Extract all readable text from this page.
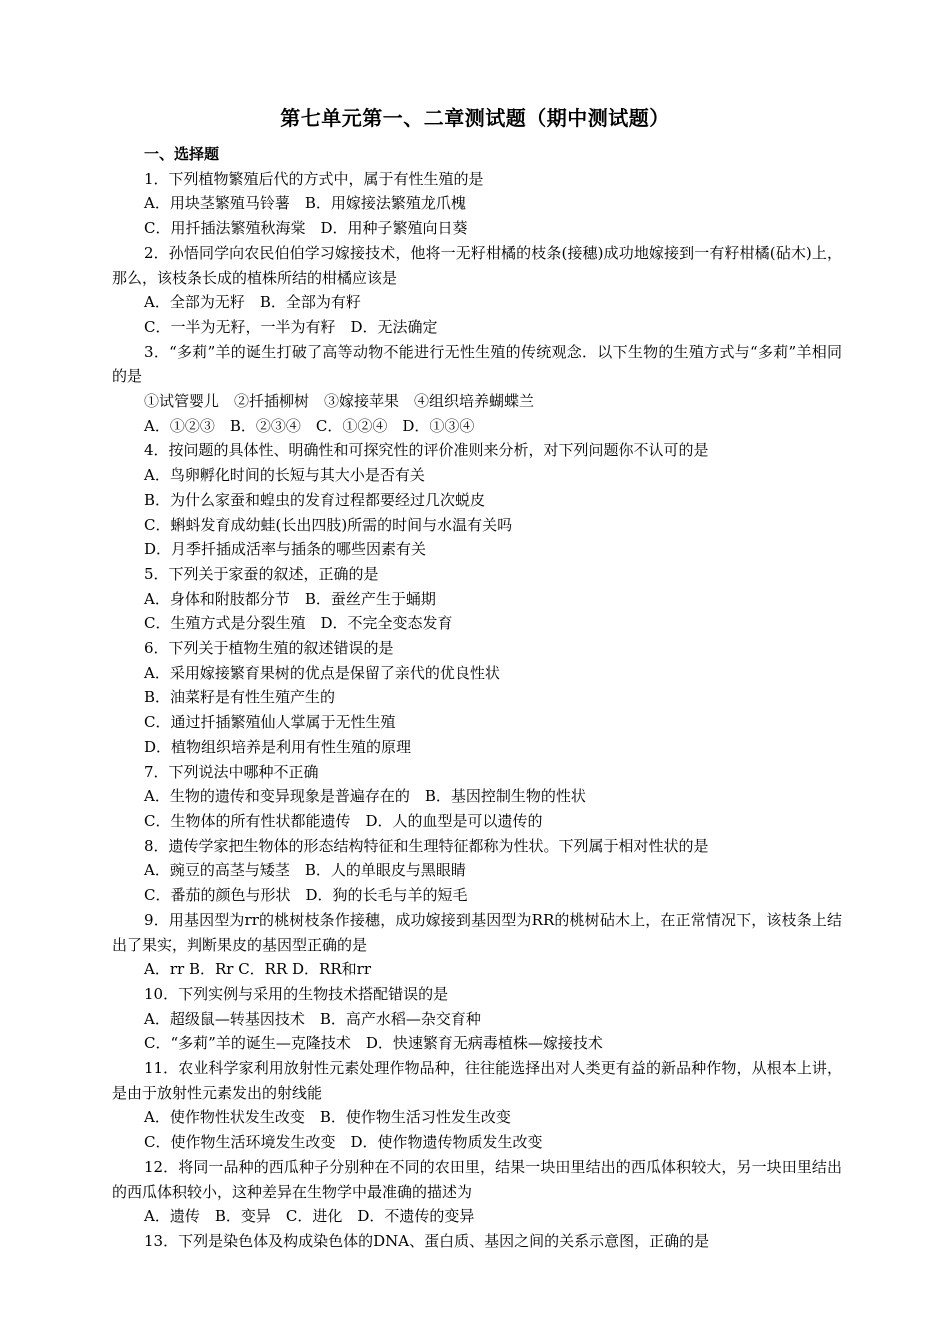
第七单元第一、二章测试题（期中测试题）
一、选择题
1．下列植物繁殖后代的方式中，属于有性生殖的是
A．用块茎繁殖马铃薯　B．用嫁接法繁殖龙爪槐
C．用扦插法繁殖秋海棠　D．用种子繁殖向日葵
2．孙悟同学向农民伯伯学习嫁接技术，他将一无籽柑橘的枝条(接穗)成功地嫁接到一有籽柑橘(砧木)上，那么，该枝条长成的植株所结的柑橘应该是
A．全部为无籽　B．全部为有籽
C．一半为无籽，一半为有籽　D．无法确定
3．“多莉”羊的诞生打破了高等动物不能进行无性生殖的传统观念．以下生物的生殖方式与“多莉”羊相同的是
①试管婴儿　②扦插柳树　③嫁接苹果　④组织培养蝴蝶兰
A．①②③　B．②③④　C．①②④　D．①③④
4．按问题的具体性、明确性和可探究性的评价准则来分析，对下列问题你不认可的是
A．鸟卵孵化时间的长短与其大小是否有关
B．为什么家蚕和蝗虫的发育过程都要经过几次蜕皮
C．蝌蚪发育成幼蛙(长出四肢)所需的时间与水温有关吗
D．月季扦插成活率与插条的哪些因素有关
5．下列关于家蚕的叙述，正确的是
A．身体和附肢都分节　B．蚕丝产生于蛹期
C．生殖方式是分裂生殖　D．不完全变态发育
6．下列关于植物生殖的叙述错误的是
A．采用嫁接繁育果树的优点是保留了亲代的优良性状
B．油菜籽是有性生殖产生的
C．通过扦插繁殖仙人掌属于无性生殖
D．植物组织培养是利用有性生殖的原理
7．下列说法中哪种不正确
A．生物的遗传和变异现象是普遍存在的　B．基因控制生物的性状
C．生物体的所有性状都能遗传　D．人的血型是可以遗传的
8．遗传学家把生物体的形态结构特征和生理特征都称为性状。下列属于相对性状的是
A．豌豆的高茎与矮茎　B．人的单眼皮与黑眼睛
C．番茄的颜色与形状　D．狗的长毛与羊的短毛
9．用基因型为rr的桃树枝条作接穗，成功嫁接到基因型为RR的桃树砧木上，在正常情况下，该枝条上结出了果实，判断果皮的基因型正确的是
A．rr B．Rr C．RR D．RR和rr
10．下列实例与采用的生物技术搭配错误的是
A．超级鼠—转基因技术　B．高产水稻—杂交育种
C．“多莉”羊的诞生—克隆技术　D．快速繁育无病毒植株—嫁接技术
11．农业科学家利用放射性元素处理作物品种，往往能选择出对人类更有益的新品种作物，从根本上讲，是由于放射性元素发出的射线能
A．使作物性状发生改变　B．使作物生活习性发生改变
C．使作物生活环境发生改变　D．使作物遗传物质发生改变
12．将同一品种的西瓜种子分别种在不同的农田里，结果一块田里结出的西瓜体积较大，另一块田里结出的西瓜体积较小，这种差异在生物学中最准确的描述为
A．遗传　B．变异　C．进化　D．不遗传的变异
13．下列是染色体及构成染色体的DNA、蛋白质、基因之间的关系示意图，正确的是
